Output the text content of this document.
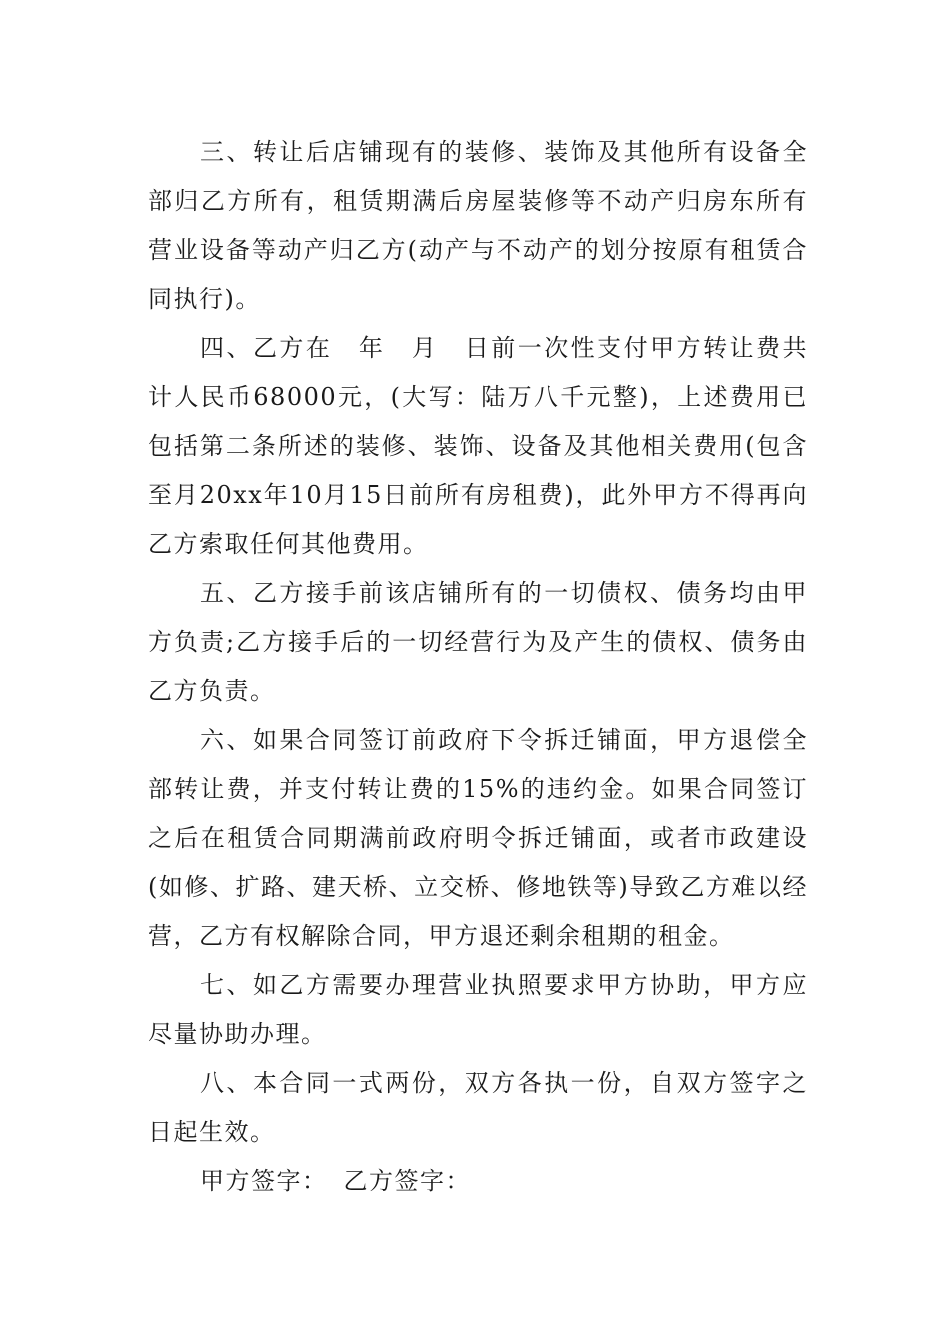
三、转让后店铺现有的装修、装饰及其他所有设备全部归乙方所有，租赁期满后房屋装修等不动产归房东所有营业设备等动产归乙方(动产与不动产的划分按原有租赁合同执行)。

四、乙方在　年　月　日前一次性支付甲方转让费共计人民币68000元，(大写：陆万八千元整)，上述费用已包括第二条所述的装修、装饰、设备及其他相关费用(包含至月20xx年10月15日前所有房租费)，此外甲方不得再向乙方索取任何其他费用。

五、乙方接手前该店铺所有的一切债权、债务均由甲方负责;乙方接手后的一切经营行为及产生的债权、债务由乙方负责。

六、如果合同签订前政府下令拆迁铺面，甲方退偿全部转让费，并支付转让费的15%的违约金。如果合同签订之后在租赁合同期满前政府明令拆迁铺面，或者市政建设(如修、扩路、建天桥、立交桥、修地铁等)导致乙方难以经营，乙方有权解除合同，甲方退还剩余租期的租金。

七、如乙方需要办理营业执照要求甲方协助，甲方应尽量协助办理。

八、本合同一式两份，双方各执一份，自双方签字之日起生效。

甲方签字： 乙方签字：
